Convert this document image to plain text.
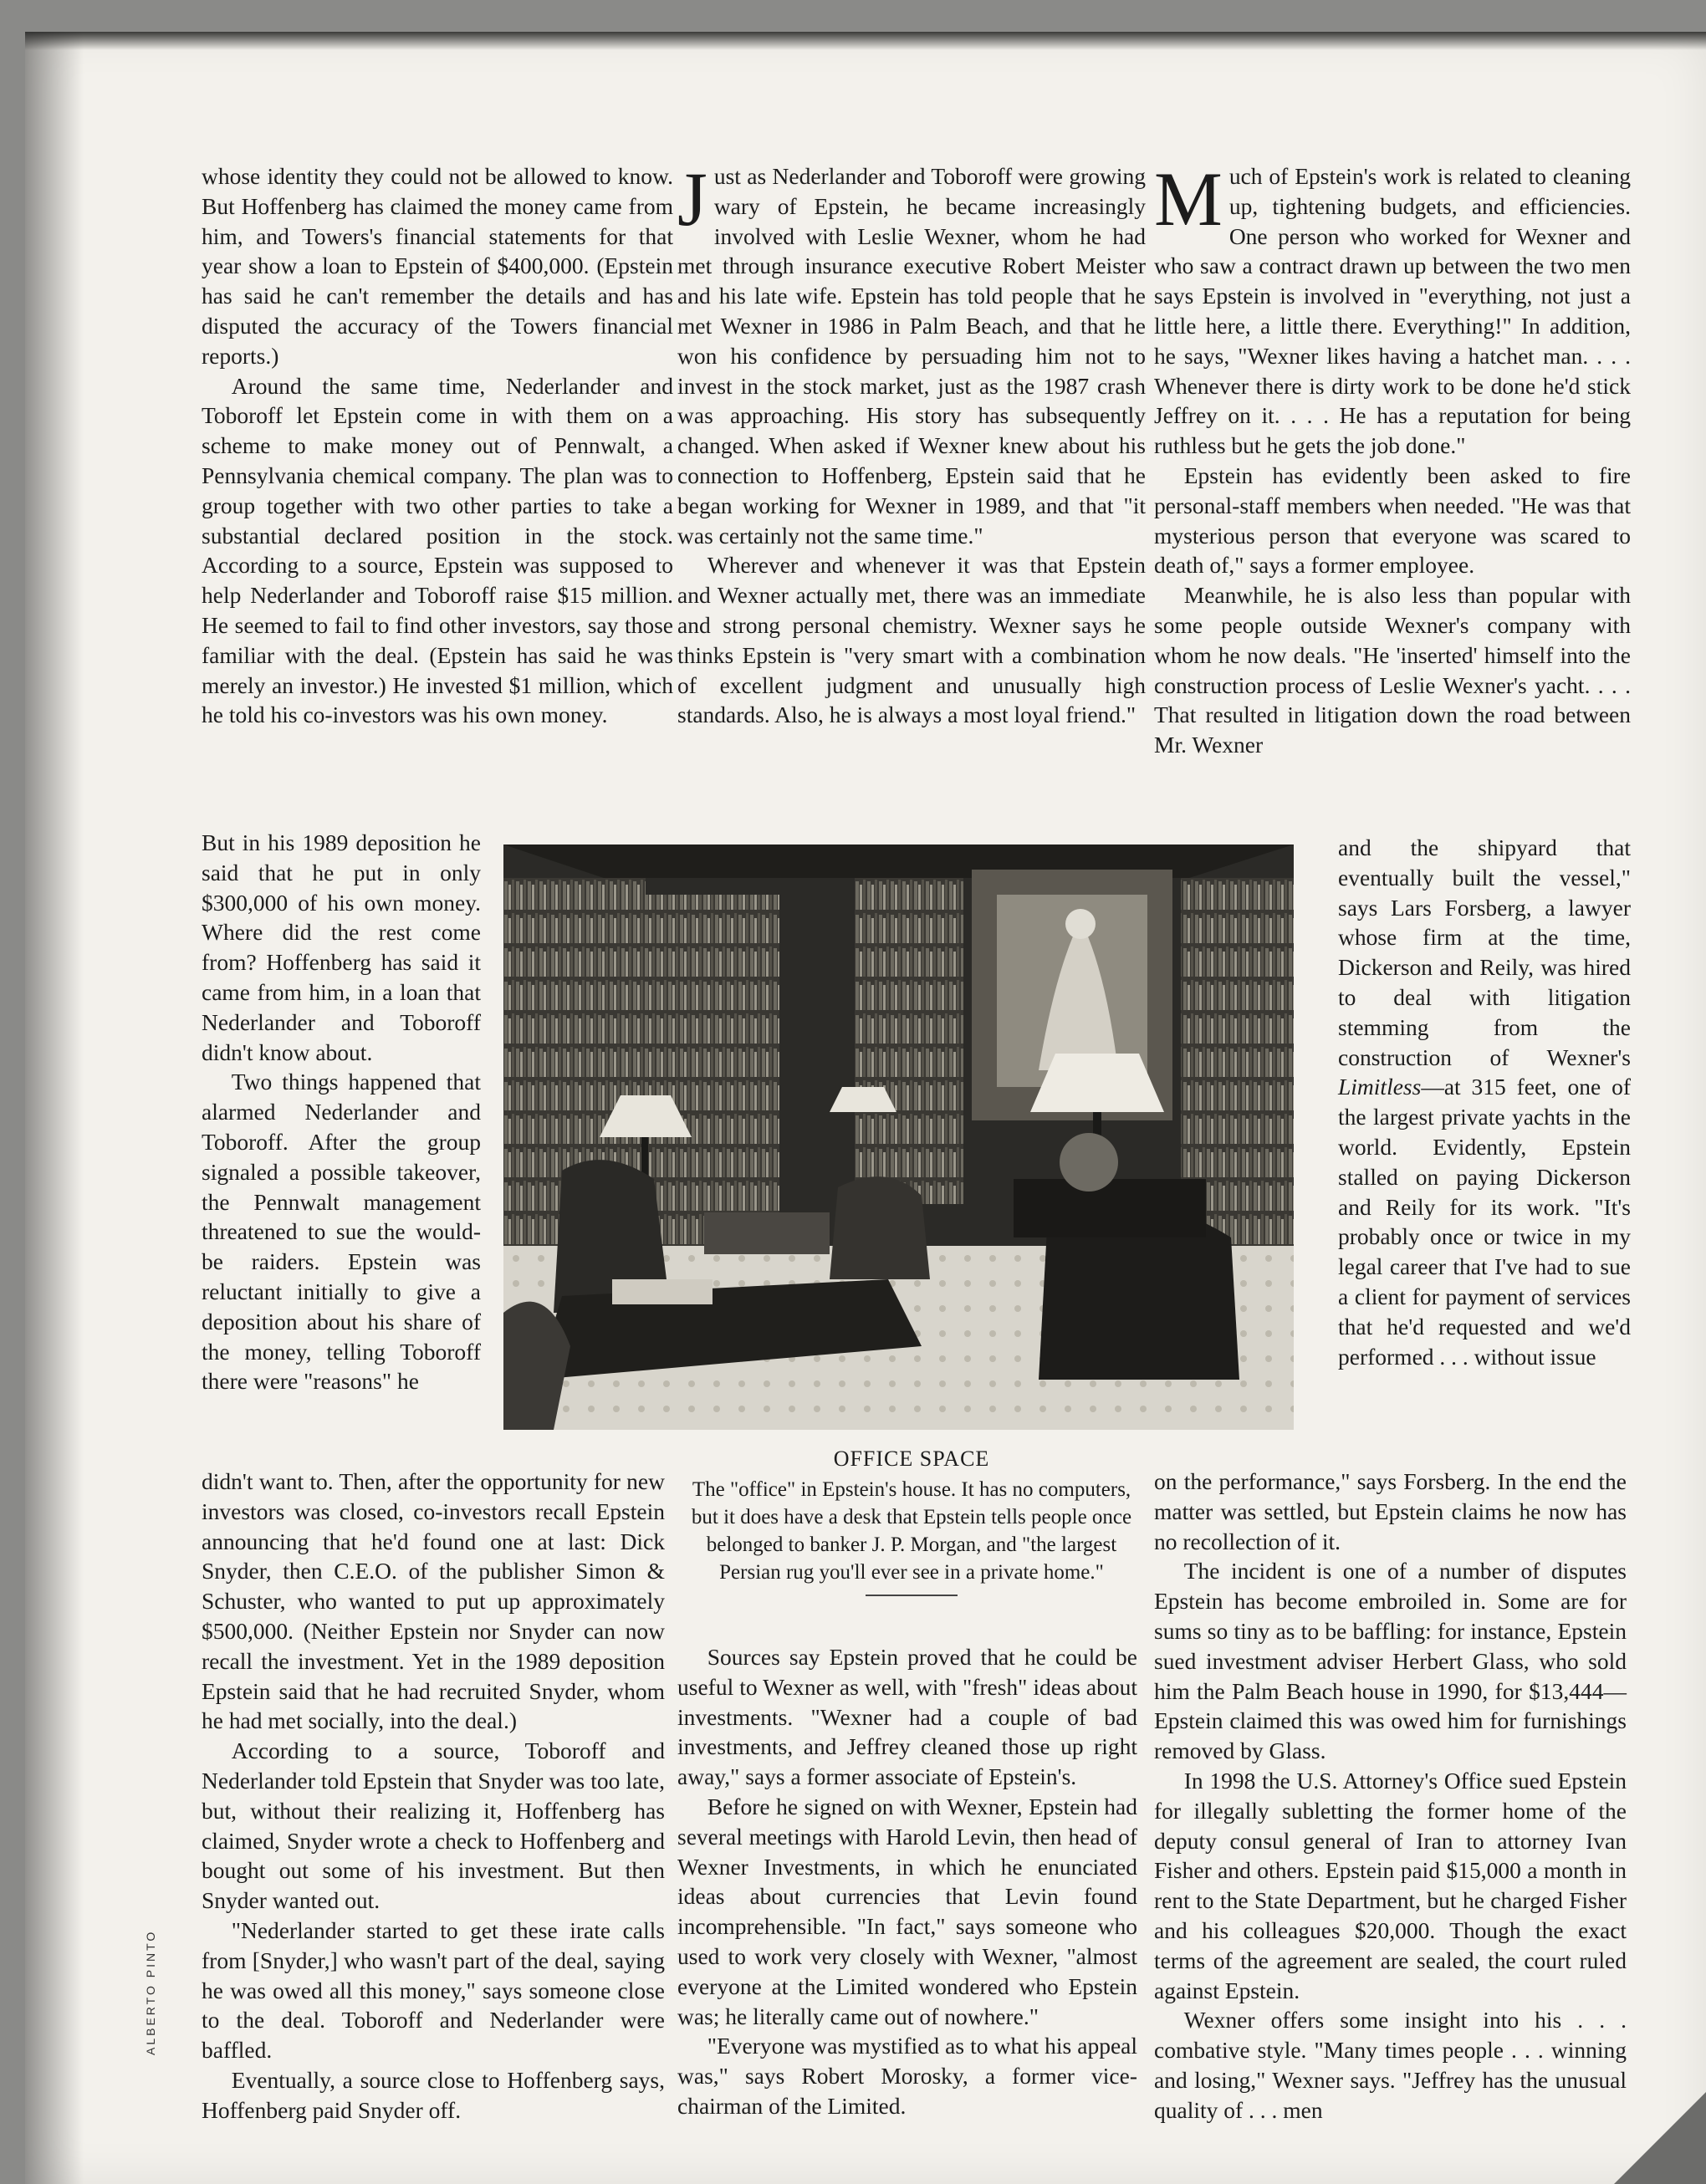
whose identity they could not be allowed to know. But Hoffenberg has claimed the money came from him, and Towers's financial statements for that year show a loan to Epstein of $400,000. (Epstein has said he can't remember the details and has disputed the accuracy of the Towers financial reports.)

Around the same time, Nederlander and Toboroff let Epstein come in with them on a scheme to make money out of Pennwalt, a Pennsylvania chemical company. The plan was to group together with two other parties to take a substantial declared position in the stock. According to a source, Epstein was supposed to help Nederlander and Toboroff raise $15 million. He seemed to fail to find other investors, say those familiar with the deal. (Epstein has said he was merely an investor.) He invested $1 million, which he told his co-investors was his own money.

Just as Nederlander and Toboroff were growing wary of Epstein, he became increasingly involved with Leslie Wexner, whom he had met through insurance executive Robert Meister and his late wife. Epstein has told people that he met Wexner in 1986 in Palm Beach, and that he won his confidence by persuading him not to invest in the stock market, just as the 1987 crash was approaching. His story has subsequently changed. When asked if Wexner knew about his connection to Hoffenberg, Epstein said that he began working for Wexner in 1989, and that "it was certainly not the same time."

Wherever and whenever it was that Epstein and Wexner actually met, there was an immediate and strong personal chemistry. Wexner says he thinks Epstein is "very smart with a combination of excellent judgment and unusually high standards. Also, he is always a most loyal friend."

Much of Epstein's work is related to cleaning up, tightening budgets, and efficiencies. One person who worked for Wexner and who saw a contract drawn up between the two men says Epstein is involved in "everything, not just a little here, a little there. Everything!" In addition, he says, "Wexner likes having a hatchet man. . . . Whenever there is dirty work to be done he'd stick Jeffrey on it. . . . He has a reputation for being ruthless but he gets the job done."

Epstein has evidently been asked to fire personal-staff members when needed. "He was that mysterious person that everyone was scared to death of," says a former employee.

Meanwhile, he is also less than popular with some people outside Wexner's company with whom he now deals. "He 'inserted' himself into the construction process of Leslie Wexner's yacht. . . . That resulted in litigation down the road between Mr. Wexner

But in his 1989 deposition he said that he put in only $300,000 of his own money. Where did the rest come from? Hoffenberg has said it came from him, in a loan that Nederlander and Toboroff didn't know about.

Two things happened that alarmed Nederlander and Toboroff. After the group signaled a possible takeover, the Pennwalt management threatened to sue the would-be raiders. Epstein was reluctant initially to give a deposition about his share of the money, telling Toboroff there were "reasons" he

and the shipyard that eventually built the vessel," says Lars Forsberg, a lawyer whose firm at the time, Dickerson and Reily, was hired to deal with litigation stemming from the construction of Wexner's Limitless—at 315 feet, one of the largest private yachts in the world. Evidently, Epstein stalled on paying Dickerson and Reily for its work. "It's probably once or twice in my legal career that I've had to sue a client for payment of services that he'd requested and we'd performed . . . without issue

OFFICE SPACE
The "office" in Epstein's house. It has no computers, but it does have a desk that Epstein tells people once belonged to banker J. P. Morgan, and "the largest Persian rug you'll ever see in a private home."

didn't want to. Then, after the opportunity for new investors was closed, co-investors recall Epstein announcing that he'd found one at last: Dick Snyder, then C.E.O. of the publisher Simon & Schuster, who wanted to put up approximately $500,000. (Neither Epstein nor Snyder can now recall the investment. Yet in the 1989 deposition Epstein said that he had recruited Snyder, whom he had met socially, into the deal.)

According to a source, Toboroff and Nederlander told Epstein that Snyder was too late, but, without their realizing it, Hoffenberg has claimed, Snyder wrote a check to Hoffenberg and bought out some of his investment. But then Snyder wanted out.

"Nederlander started to get these irate calls from [Snyder,] who wasn't part of the deal, saying he was owed all this money," says someone close to the deal. Toboroff and Nederlander were baffled.

Eventually, a source close to Hoffenberg says, Hoffenberg paid Snyder off.

Sources say Epstein proved that he could be useful to Wexner as well, with "fresh" ideas about investments. "Wexner had a couple of bad investments, and Jeffrey cleaned those up right away," says a former associate of Epstein's.

Before he signed on with Wexner, Epstein had several meetings with Harold Levin, then head of Wexner Investments, in which he enunciated ideas about currencies that Levin found incomprehensible. "In fact," says someone who used to work very closely with Wexner, "almost everyone at the Limited wondered who Epstein was; he literally came out of nowhere."

"Everyone was mystified as to what his appeal was," says Robert Morosky, a former vice-chairman of the Limited.

on the performance," says Forsberg. In the end the matter was settled, but Epstein claims he now has no recollection of it.

The incident is one of a number of disputes Epstein has become embroiled in. Some are for sums so tiny as to be baffling: for instance, Epstein sued investment adviser Herbert Glass, who sold him the Palm Beach house in 1990, for $13,444—Epstein claimed this was owed him for furnishings removed by Glass.

In 1998 the U.S. Attorney's Office sued Epstein for illegally subletting the former home of the deputy consul general of Iran to attorney Ivan Fisher and others. Epstein paid $15,000 a month in rent to the State Department, but he charged Fisher and his colleagues $20,000. Though the exact terms of the agreement are sealed, the court ruled against Epstein.

Wexner offers some insight into his . . . combative style. "Many times people . . . winning and losing," Wexner says. "Jeffrey has the unusual quality of . . . men

ALBERTO PINTO
